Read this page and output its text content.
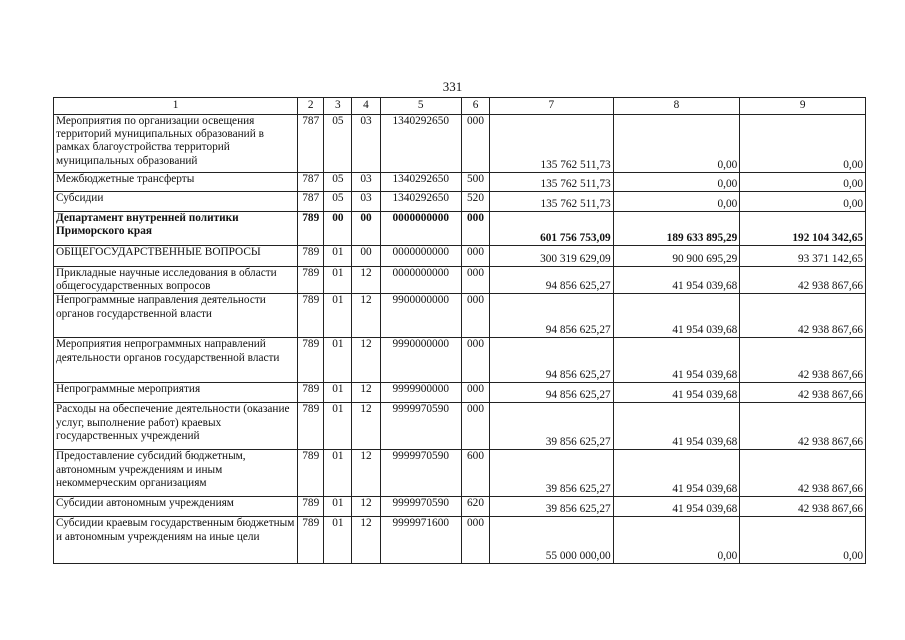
331
1	2	3	4	5	6	7	8	9
Мероприятия по организации освещения территорий муниципальных образований в рамках благоустройства территорий муниципальных образований	787	05	03	1340292650	000	135 762 511,73	0,00	0,00
Межбюджетные трансферты	787	05	03	1340292650	500	135 762 511,73	0,00	0,00
Субсидии	787	05	03	1340292650	520	135 762 511,73	0,00	0,00
Департамент внутренней политики Приморского края	789	00	00	0000000000	000	601 756 753,09	189 633 895,29	192 104 342,65
ОБЩЕГОСУДАРСТВЕННЫЕ ВОПРОСЫ	789	01	00	0000000000	000	300 319 629,09	90 900 695,29	93 371 142,65
Прикладные научные исследования в области общегосударственных вопросов	789	01	12	0000000000	000	94 856 625,27	41 954 039,68	42 938 867,66
Непрограммные направления деятельности органов государственной власти	789	01	12	9900000000	000	94 856 625,27	41 954 039,68	42 938 867,66
Мероприятия непрограммных направлений деятельности органов государственной власти	789	01	12	9990000000	000	94 856 625,27	41 954 039,68	42 938 867,66
Непрограммные мероприятия	789	01	12	9999900000	000	94 856 625,27	41 954 039,68	42 938 867,66
Расходы на обеспечение деятельности (оказание услуг, выполнение работ) краевых государственных учреждений	789	01	12	9999970590	000	39 856 625,27	41 954 039,68	42 938 867,66
Предоставление субсидий бюджетным, автономным учреждениям и иным некоммерческим организациям	789	01	12	9999970590	600	39 856 625,27	41 954 039,68	42 938 867,66
Субсидии автономным учреждениям	789	01	12	9999970590	620	39 856 625,27	41 954 039,68	42 938 867,66
Субсидии краевым государственным бюджетным и автономным учреждениям на иные цели	789	01	12	9999971600	000	55 000 000,00	0,00	0,00
